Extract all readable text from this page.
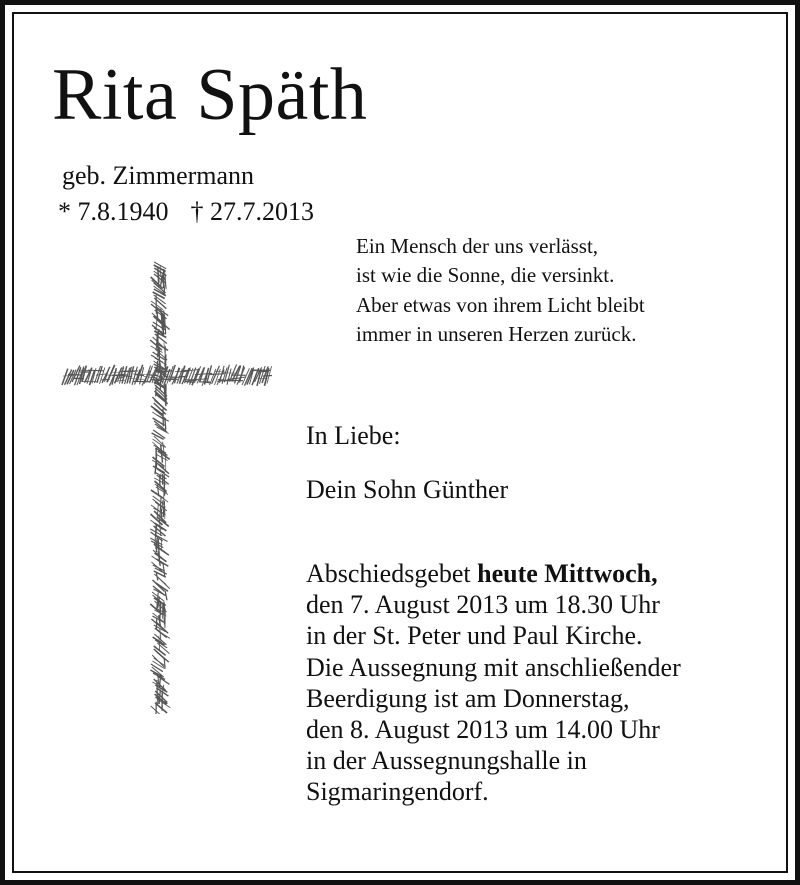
Rita Späth
geb. Zimmermann
* 7.8.1940 † 27.7.2013
Ein Mensch der uns verlässt,
ist wie die Sonne, die versinkt.
Aber etwas von ihrem Licht bleibt
immer in unseren Herzen zurück.
In Liebe:
Dein Sohn Günther
Abschiedsgebet heute Mittwoch,
den 7. August 2013 um 18.30 Uhr
in der St. Peter und Paul Kirche.
Die Aussegnung mit anschließender
Beerdigung ist am Donnerstag,
den 8. August 2013 um 14.00 Uhr
in der Aussegnungshalle in
Sigmaringendorf.
